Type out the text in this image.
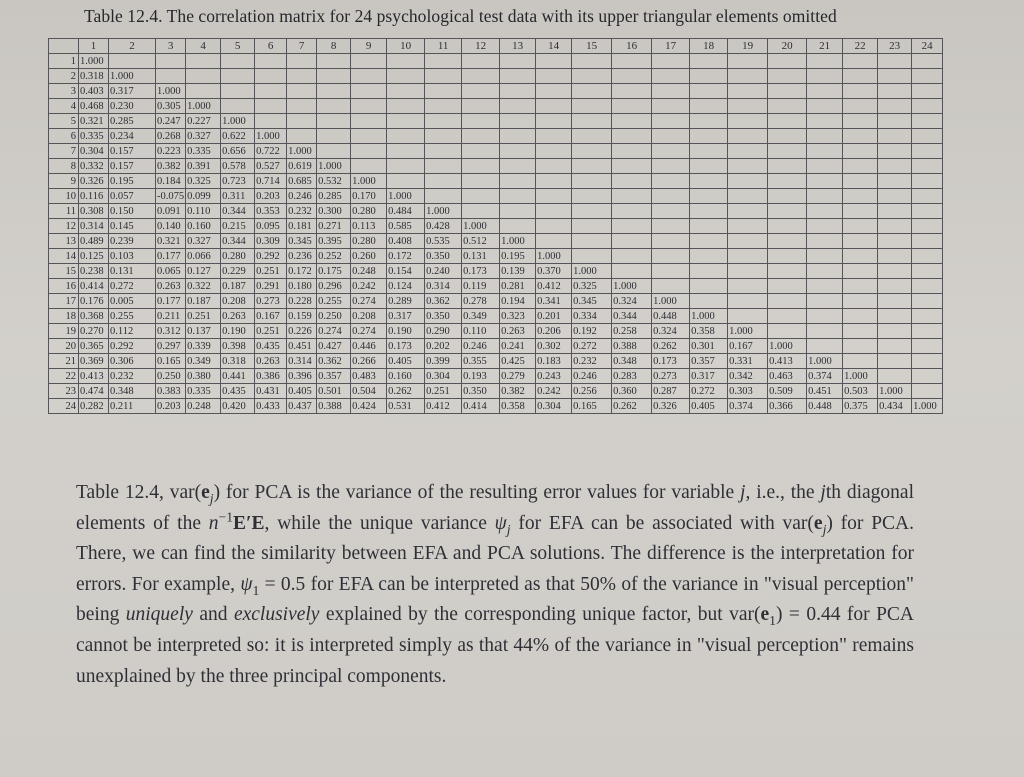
Table 12.4. The correlation matrix for 24 psychological test data with its upper triangular elements omitted
	1	2	3	4	5	6	7	8	9	10	11	12	13	14	15	16	17	18	19	20	21	22	23	24
1	1.000																							
2	0.318	1.000																						
3	0.403	0.317	1.000																					
4	0.468	0.230	0.305	1.000																				
5	0.321	0.285	0.247	0.227	1.000																			
6	0.335	0.234	0.268	0.327	0.622	1.000																		
7	0.304	0.157	0.223	0.335	0.656	0.722	1.000																	
8	0.332	0.157	0.382	0.391	0.578	0.527	0.619	1.000																
9	0.326	0.195	0.184	0.325	0.723	0.714	0.685	0.532	1.000															
10	0.116	0.057	-0.075	0.099	0.311	0.203	0.246	0.285	0.170	1.000														
11	0.308	0.150	0.091	0.110	0.344	0.353	0.232	0.300	0.280	0.484	1.000													
12	0.314	0.145	0.140	0.160	0.215	0.095	0.181	0.271	0.113	0.585	0.428	1.000												
13	0.489	0.239	0.321	0.327	0.344	0.309	0.345	0.395	0.280	0.408	0.535	0.512	1.000											
14	0.125	0.103	0.177	0.066	0.280	0.292	0.236	0.252	0.260	0.172	0.350	0.131	0.195	1.000										
15	0.238	0.131	0.065	0.127	0.229	0.251	0.172	0.175	0.248	0.154	0.240	0.173	0.139	0.370	1.000									
16	0.414	0.272	0.263	0.322	0.187	0.291	0.180	0.296	0.242	0.124	0.314	0.119	0.281	0.412	0.325	1.000								
17	0.176	0.005	0.177	0.187	0.208	0.273	0.228	0.255	0.274	0.289	0.362	0.278	0.194	0.341	0.345	0.324	1.000							
18	0.368	0.255	0.211	0.251	0.263	0.167	0.159	0.250	0.208	0.317	0.350	0.349	0.323	0.201	0.334	0.344	0.448	1.000						
19	0.270	0.112	0.312	0.137	0.190	0.251	0.226	0.274	0.274	0.190	0.290	0.110	0.263	0.206	0.192	0.258	0.324	0.358	1.000					
20	0.365	0.292	0.297	0.339	0.398	0.435	0.451	0.427	0.446	0.173	0.202	0.246	0.241	0.302	0.272	0.388	0.262	0.301	0.167	1.000				
21	0.369	0.306	0.165	0.349	0.318	0.263	0.314	0.362	0.266	0.405	0.399	0.355	0.425	0.183	0.232	0.348	0.173	0.357	0.331	0.413	1.000			
22	0.413	0.232	0.250	0.380	0.441	0.386	0.396	0.357	0.483	0.160	0.304	0.193	0.279	0.243	0.246	0.283	0.273	0.317	0.342	0.463	0.374	1.000		
23	0.474	0.348	0.383	0.335	0.435	0.431	0.405	0.501	0.504	0.262	0.251	0.350	0.382	0.242	0.256	0.360	0.287	0.272	0.303	0.509	0.451	0.503	1.000	
24	0.282	0.211	0.203	0.248	0.420	0.433	0.437	0.388	0.424	0.531	0.412	0.414	0.358	0.304	0.165	0.262	0.326	0.405	0.374	0.366	0.448	0.375	0.434	1.000

Table 12.4, $var(e_j)$ for PCA is the variance of the resulting error values for variable j, i.e., the jth diagonal elements of the $n^{-1}E'E$, while the unique variance $\psi_j$ for EFA can be associated with $var(e_j)$ for PCA. There, we can find the similarity between EFA and PCA solutions. The difference is the interpretation for errors. For example, $\psi_1 = 0.5$ for EFA can be interpreted as that 50% of the variance in "visual perception" being uniquely and exclusively explained by the corresponding unique factor, but $var(e_1) = 0.44$ for PCA cannot be interpreted so: it is interpreted simply as that 44% of the variance in "visual perception" remains unexplained by the three principal components.
